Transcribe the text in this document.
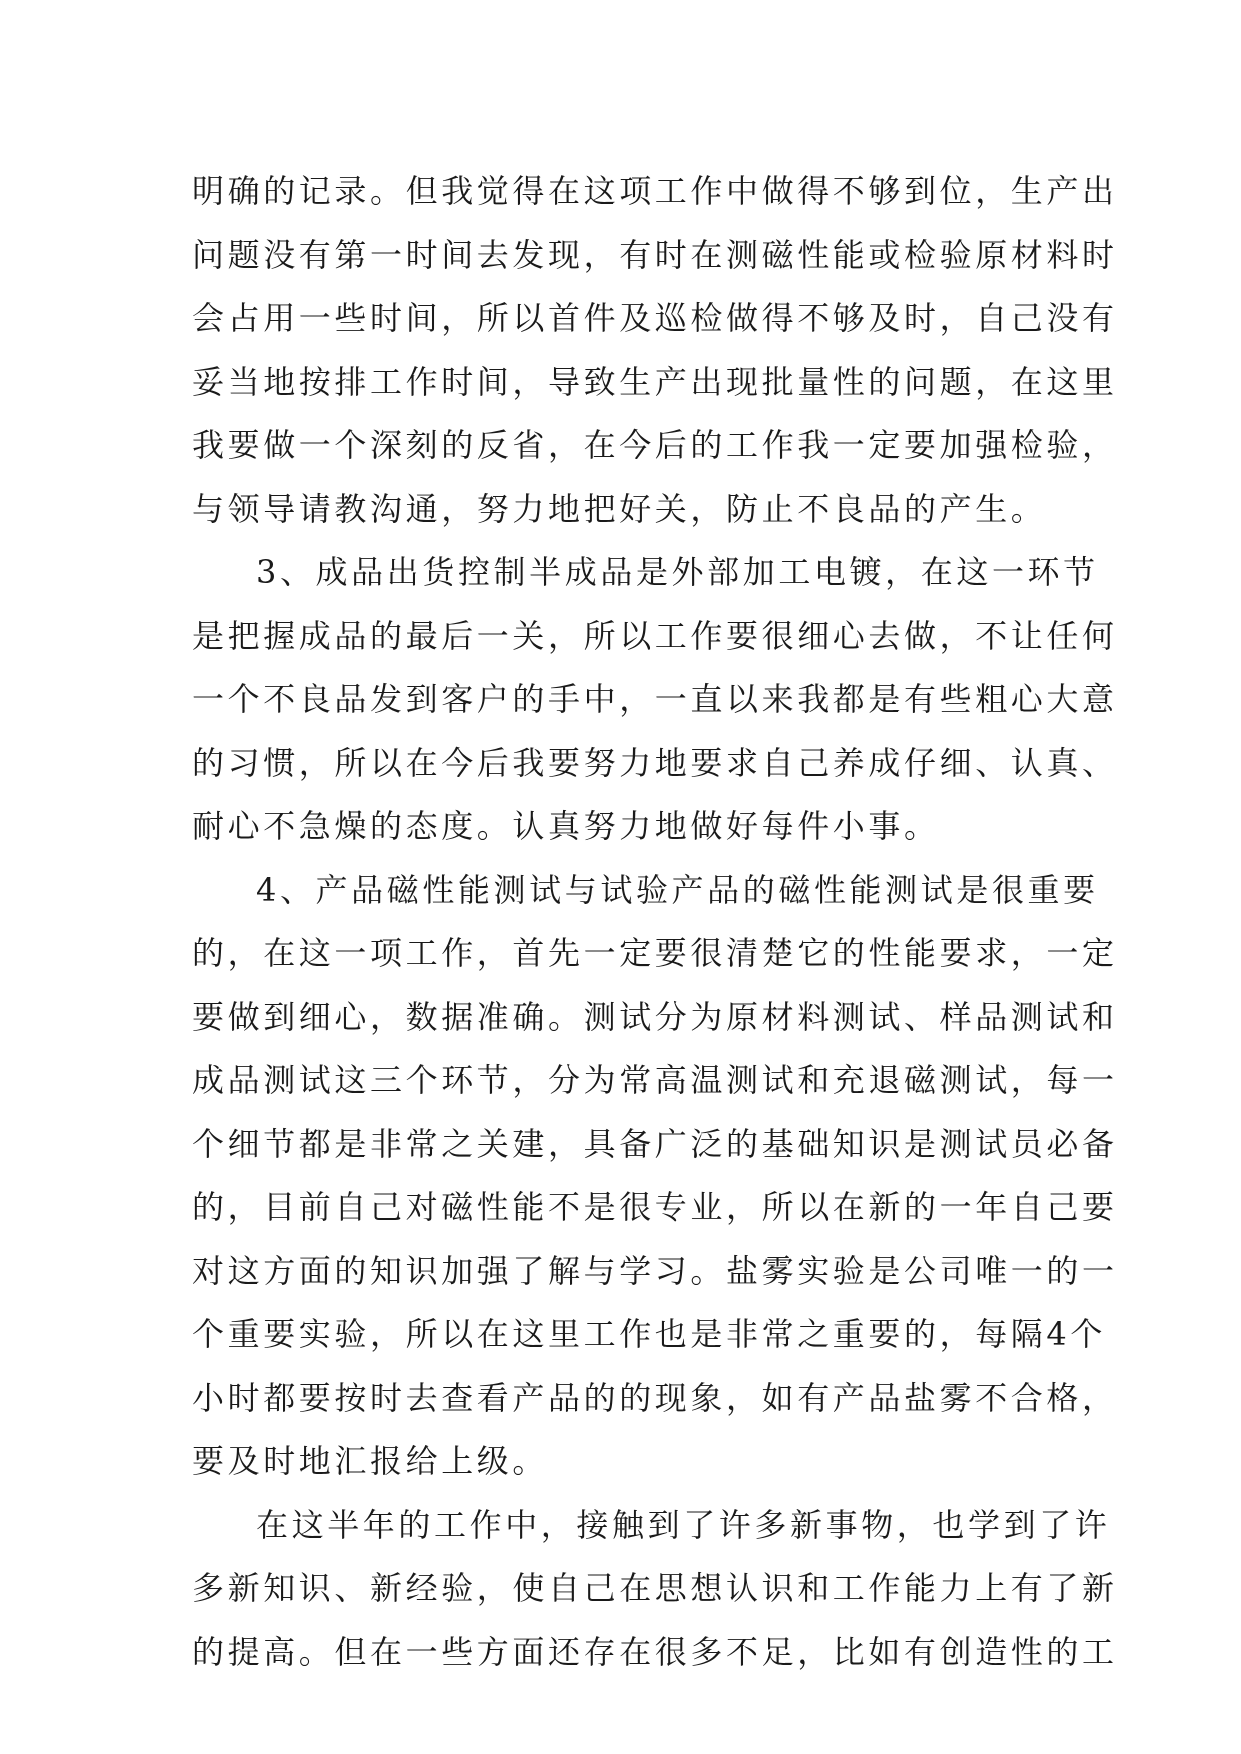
明确的记录。但我觉得在这项工作中做得不够到位，生产出
问题没有第一时间去发现，有时在测磁性能或检验原材料时
会占用一些时间，所以首件及巡检做得不够及时，自己没有
妥当地按排工作时间，导致生产出现批量性的问题，在这里
我要做一个深刻的反省，在今后的工作我一定要加强检验，
与领导请教沟通，努力地把好关，防止不良品的产生。
3、成品出货控制半成品是外部加工电镀，在这一环节
是把握成品的最后一关，所以工作要很细心去做，不让任何
一个不良品发到客户的手中，一直以来我都是有些粗心大意
的习惯，所以在今后我要努力地要求自己养成仔细、认真、
耐心不急燥的态度。认真努力地做好每件小事。
4、产品磁性能测试与试验产品的磁性能测试是很重要
的，在这一项工作，首先一定要很清楚它的性能要求，一定
要做到细心，数据准确。测试分为原材料测试、样品测试和
成品测试这三个环节，分为常高温测试和充退磁测试，每一
个细节都是非常之关建，具备广泛的基础知识是测试员必备
的，目前自己对磁性能不是很专业，所以在新的一年自己要
对这方面的知识加强了解与学习。盐雾实验是公司唯一的一
个重要实验，所以在这里工作也是非常之重要的，每隔4个
小时都要按时去查看产品的的现象，如有产品盐雾不合格，
要及时地汇报给上级。
在这半年的工作中，接触到了许多新事物，也学到了许
多新知识、新经验，使自己在思想认识和工作能力上有了新
的提高。但在一些方面还存在很多不足，比如有创造性的工
